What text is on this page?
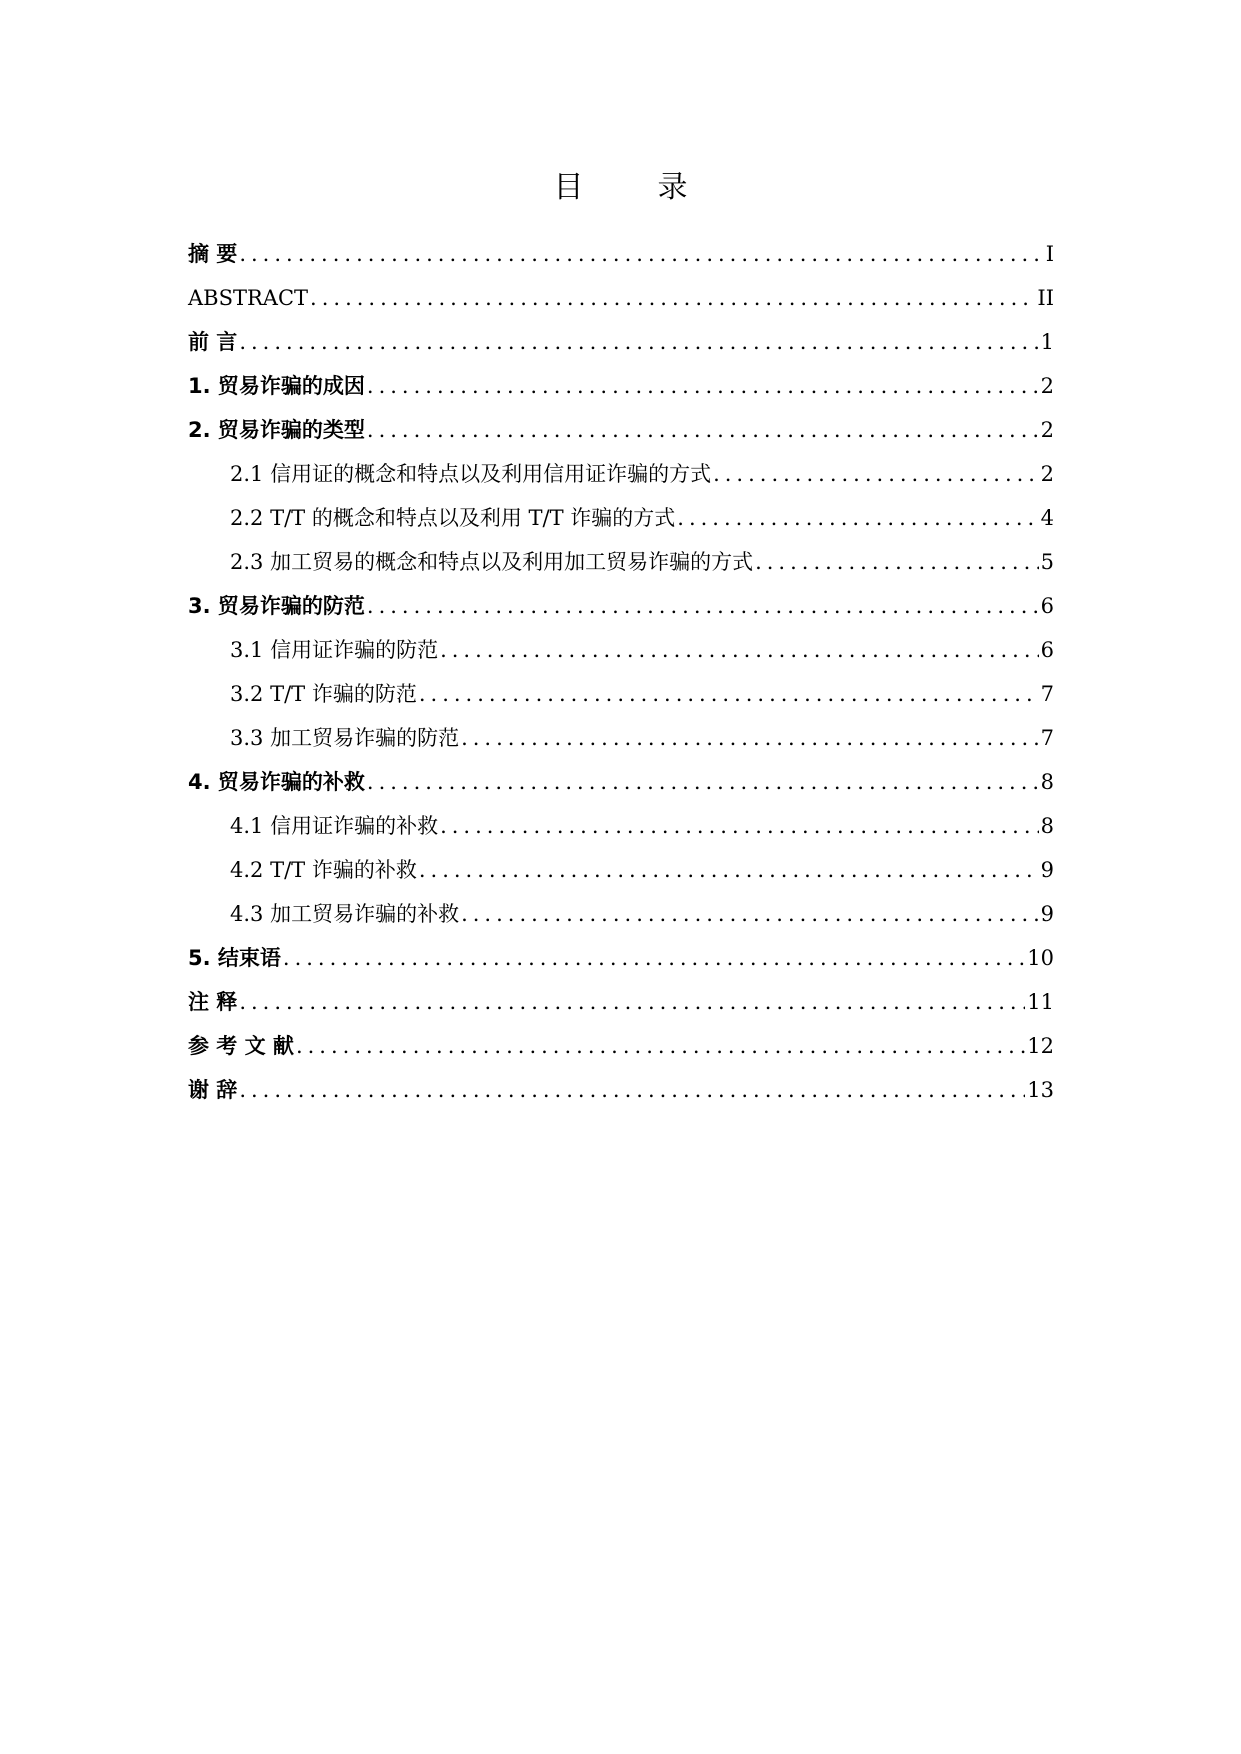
目　录
摘 要 .....	I
ABSTRACT .....	II
前 言 .....	1
1. 贸易诈骗的成因 .....	2
2. 贸易诈骗的类型 .....	2
2.1 信用证的概念和特点以及利用信用证诈骗的方式 .....	2
2.2 T/T 的概念和特点以及利用 T/T 诈骗的方式 .....	4
2.3 加工贸易的概念和特点以及利用加工贸易诈骗的方式 .....	5
3. 贸易诈骗的防范 .....	6
3.1 信用证诈骗的防范 .....	6
3.2 T/T 诈骗的防范 .....	7
3.3 加工贸易诈骗的防范 .....	7
4. 贸易诈骗的补救 .....	8
4.1 信用证诈骗的补救 .....	8
4.2 T/T 诈骗的补救 .....	9
4.3 加工贸易诈骗的补救 .....	9
5. 结束语 .....	10
注 释 .....	11
参 考 文 献 .....	12
谢 辞 .....	13
